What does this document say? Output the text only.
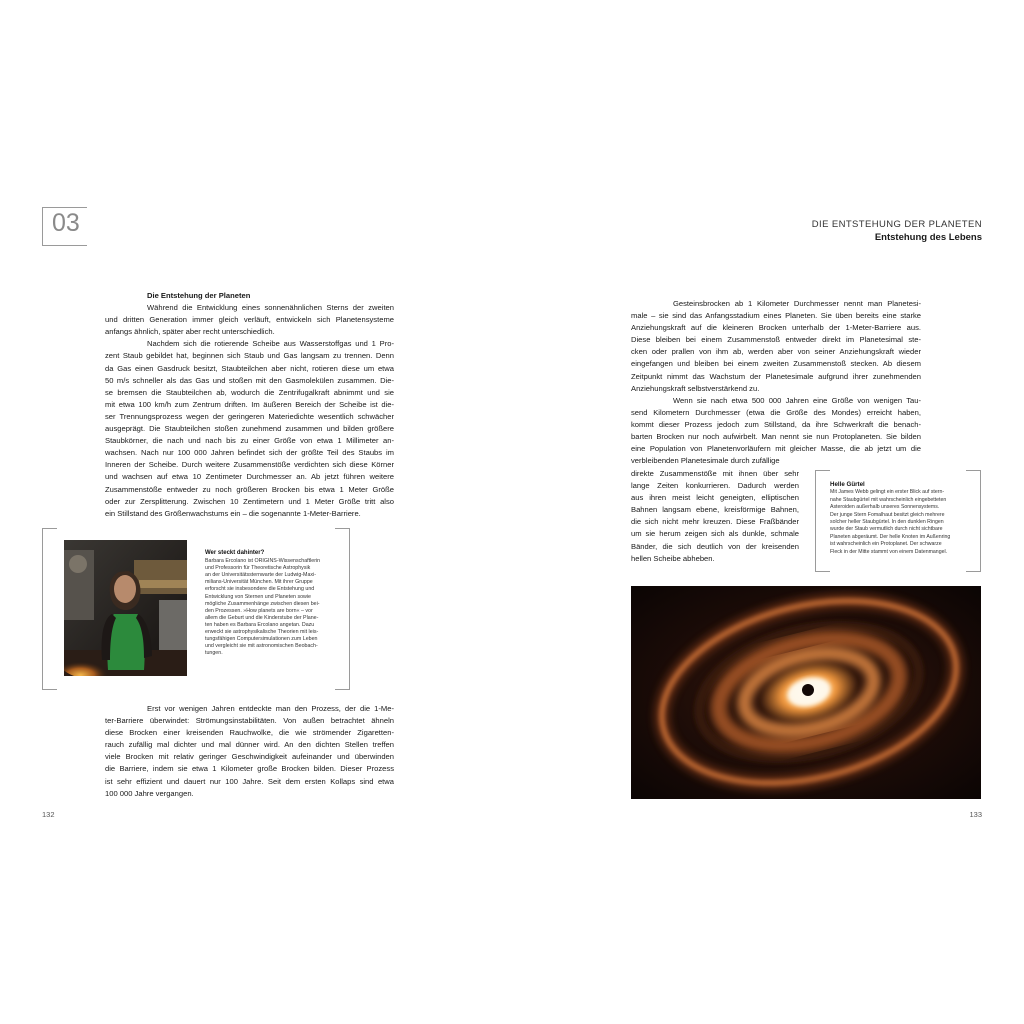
03	DIE ENTSTEHUNG DER PLANETEN
Entstehung des Lebens

Die Entstehung der Planeten

Während die Entwicklung eines sonnenähnlichen Sterns der zweiten
und dritten Generation immer gleich verläuft, entwickeln sich Planetensysteme
anfangs ähnlich, später aber recht unterschiedlich.
Nachdem sich die rotierende Scheibe aus Wasserstoffgas und 1 Pro-
zent Staub gebildet hat, beginnen sich Staub und Gas langsam zu trennen. Denn
da Gas einen Gasdruck besitzt, Staubteilchen aber nicht, rotieren diese um etwa
50 m/s schneller als das Gas und stoßen mit den Gasmolekülen zusammen. Die-
se bremsen die Staubteilchen ab, wodurch die Zentrifugalkraft abnimmt und sie
mit etwa 100 km/h zum Zentrum driften. Im äußeren Bereich der Scheibe ist die-
ser Trennungsprozess wegen der geringeren Materiedichte wesentlich schwächer
ausgeprägt. Die Staubteilchen stoßen zunehmend zusammen und bilden größere
Staubkörner, die nach und nach bis zu einer Größe von etwa 1 Millimeter an-
wachsen. Nach nur 100 000 Jahren befindet sich der größte Teil des Staubs im
Inneren der Scheibe. Durch weitere Zusammenstöße verdichten sich diese Körner
und wachsen auf etwa 10 Zentimeter Durchmesser an. Ab jetzt führen weitere
Zusammenstöße entweder zu noch größeren Brocken bis etwa 1 Meter Größe
oder zur Zersplitterung. Zwischen 10 Zentimetern und 1 Meter Größe tritt also
ein Stillstand des Größenwachstums ein – die sogenannte 1-Meter-Barriere.
Wer steckt dahinter?
Barbara Ercolano ist ORIGINS-Wissenschaftlerin
und Professorin für Theoretische Astrophysik
an der Universitätssternwarte der Ludwig-Maxi-
milians-Universität München. Mit ihrer Gruppe
erforscht sie insbesondere die Entstehung und
Entwicklung von Sternen und Planeten sowie
mögliche Zusammenhänge zwischen diesen bei-
den Prozessen. »How planets are born« – vor
allem die Geburt und die Kinderstube der Plane-
ten haben es Barbara Ercolano angetan. Dazu
erweckt sie astrophysikalische Theorien mit leis-
tungsfähigen Computersimulationen zum Leben
und vergleicht sie mit astronomischen Beobach-
tungen.
Erst vor wenigen Jahren entdeckte man den Prozess, der die 1-Me-
ter-Barriere überwindet: Strömungsinstabilitäten. Von außen betrachtet ähneln
diese Brocken einer kreisenden Rauchwolke, die wie strömender Zigaretten-
rauch zufällig mal dichter und mal dünner wird. An den dichten Stellen treffen
viele Brocken mit relativ geringer Geschwindigkeit aufeinander und überwinden
die Barriere, indem sie etwa 1 Kilometer große Brocken bilden. Dieser Prozess
ist sehr effizient und dauert nur 100 Jahre. Seit dem ersten Kollaps sind etwa
100 000 Jahre vergangen.
Gesteinsbrocken ab 1 Kilometer Durchmesser nennt man Planetesi-
male – sie sind das Anfangsstadium eines Planeten. Sie üben bereits eine starke
Anziehungskraft auf die kleineren Brocken unterhalb der 1-Meter-Barriere aus.
Diese bleiben bei einem Zusammenstoß entweder direkt im Planetesimal ste-
cken oder prallen von ihm ab, werden aber von seiner Anziehungskraft wieder
eingefangen und bleiben bei einem zweiten Zusammenstoß stecken. Ab diesem
Zeitpunkt nimmt das Wachstum der Planetesimale aufgrund ihrer zunehmenden
Anziehungskraft selbstverstärkend zu.
Wenn sie nach etwa 500 000 Jahren eine Größe von wenigen Tau-
send Kilometern Durchmesser (etwa die Größe des Mondes) erreicht haben,
kommt dieser Prozess jedoch zum Stillstand, da ihre Schwerkraft die benach-
barten Brocken nur noch aufwirbelt. Man nennt sie nun Protoplaneten. Sie bilden
eine Population von Planetenvorläufern mit gleicher Masse, die ab jetzt um die
verbleibenden Planetesimale durch zufällige
direkte Zusammenstöße mit ihnen über sehr
lange Zeiten konkurrieren. Dadurch werden
aus ihren meist leicht geneigten, elliptischen
Bahnen langsam ebene, kreisförmige Bahnen,
die sich nicht mehr kreuzen. Diese Fraßbänder
um sie herum zeigen sich als dunkle, schmale
Bänder, die sich deutlich von der kreisenden
hellen Scheibe abheben.
Helle Gürtel
Mit James Webb gelingt ein erster Blick auf stern-
nahe Staubgürtel mit wahrscheinlich eingebetteten
Asteroiden außerhalb unseres Sonnensystems.
Der junge Stern Fomalhaut besitzt gleich mehrere
solcher heller Staubgürtel. In den dunklen Ringen
wurde der Staub vermutlich durch nicht sichtbare
Planeten abgeräumt. Der helle Knoten im Außenring
ist wahrscheinlich ein Protoplanet. Der schwarze
Fleck in der Mitte stammt von einem Datenmangel.
132	133
